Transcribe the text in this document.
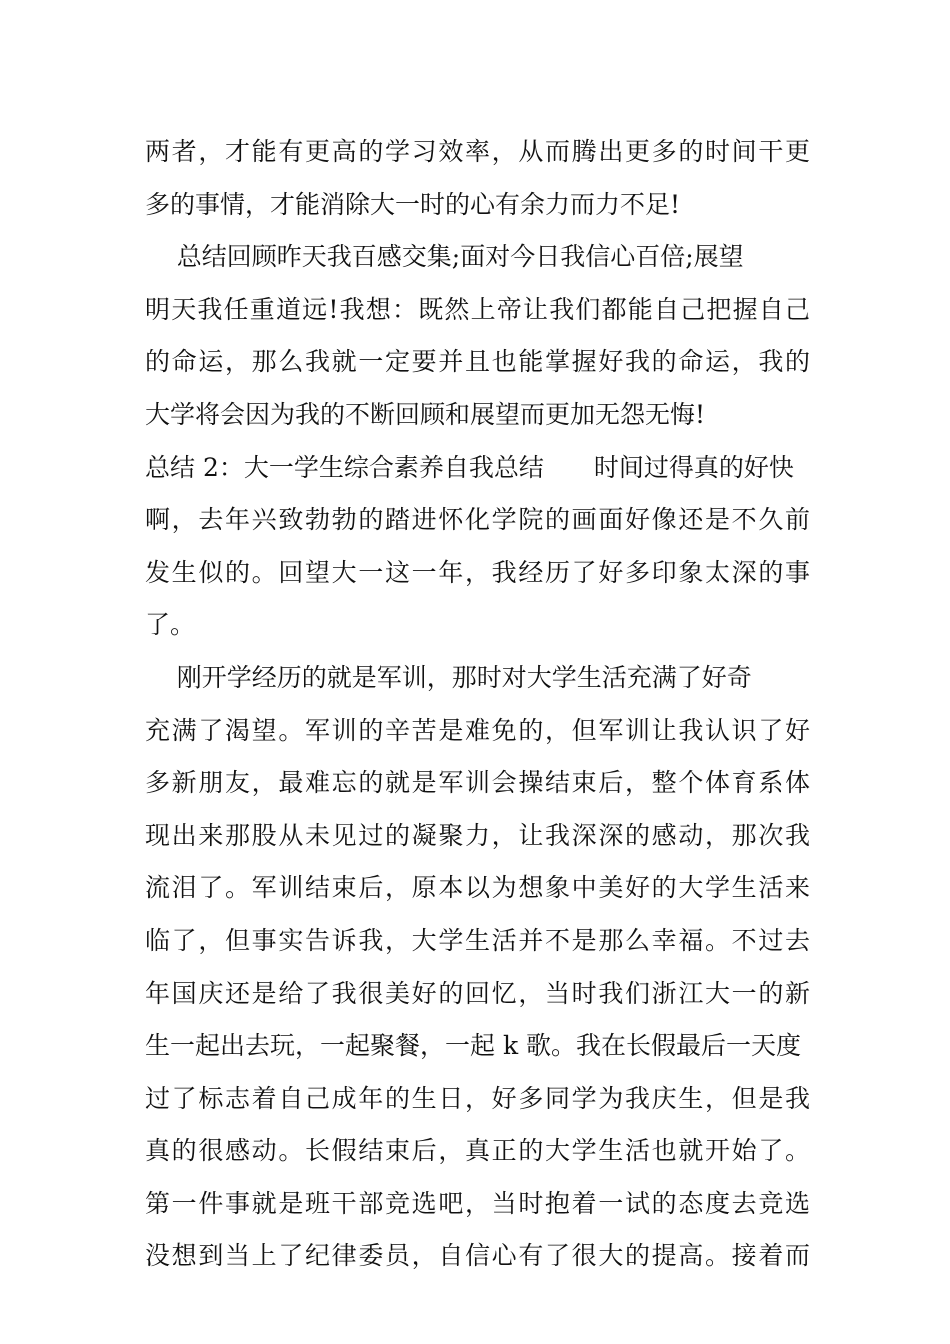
两者，才能有更高的学习效率，从而腾出更多的时间干更
多的事情，才能消除大一时的心有余力而力不足!
总结回顾昨天我百感交集;面对今日我信心百倍;展望
明天我任重道远!我想：既然上帝让我们都能自己把握自己
的命运，那么我就一定要并且也能掌握好我的命运，我的
大学将会因为我的不断回顾和展望而更加无怨无悔!
总结 2：大一学生综合素养自我总结　　时间过得真的好快
啊，去年兴致勃勃的踏进怀化学院的画面好像还是不久前
发生似的。回望大一这一年，我经历了好多印象太深的事
了。
刚开学经历的就是军训，那时对大学生活充满了好奇
充满了渴望。军训的辛苦是难免的，但军训让我认识了好
多新朋友，最难忘的就是军训会操结束后，整个体育系体
现出来那股从未见过的凝聚力，让我深深的感动，那次我
流泪了。军训结束后，原本以为想象中美好的大学生活来
临了，但事实告诉我，大学生活并不是那么幸福。不过去
年国庆还是给了我很美好的回忆，当时我们浙江大一的新
生一起出去玩，一起聚餐，一起 k 歌。我在长假最后一天度
过了标志着自己成年的生日，好多同学为我庆生，但是我
真的很感动。长假结束后，真正的大学生活也就开始了。
第一件事就是班干部竞选吧，当时抱着一试的态度去竞选
没想到当上了纪律委员，自信心有了很大的提高。接着而
